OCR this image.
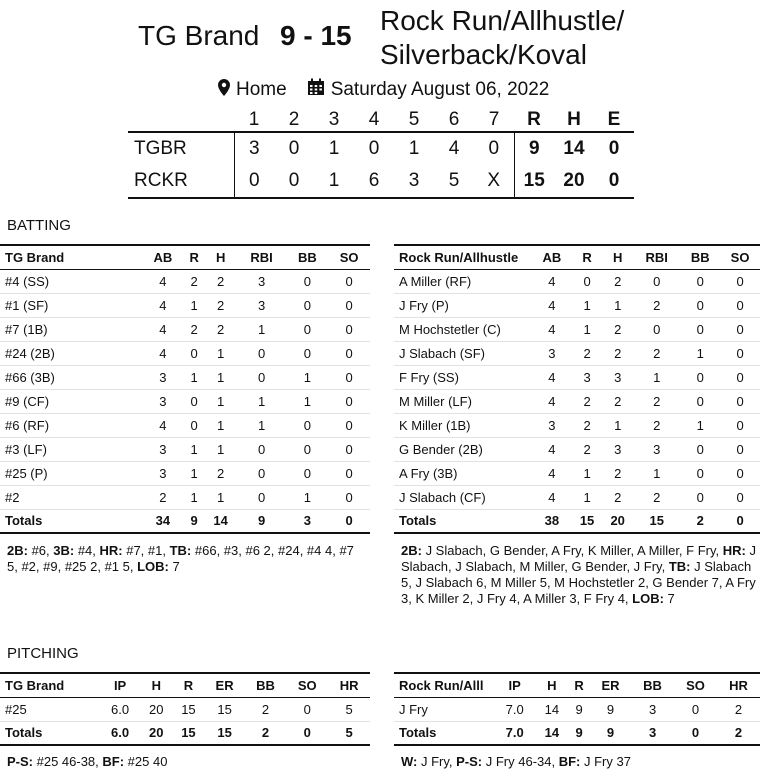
TG Brand 9 - 15 Rock Run/Allhustle/ Silverback/Koval
Home Saturday August 06, 2022
	1	2	3	4	5	6	7	R	H	E
TGBR	3	0	1	0	1	4	0	9	14	0
RCKR	0	0	1	6	3	5	X	15	20	0
BATTING
TG Brand	AB	R	H	RBI	BB	SO
#4 (SS)	4	2	2	3	0	0
#1 (SF)	4	1	2	3	0	0
#7 (1B)	4	2	2	1	0	0
#24 (2B)	4	0	1	0	0	0
#66 (3B)	3	1	1	0	1	0
#9 (CF)	3	0	1	1	1	0
#6 (RF)	4	0	1	1	0	0
#3 (LF)	3	1	1	0	0	0
#25 (P)	3	1	2	0	0	0
#2	2	1	1	0	1	0
Totals	34	9	14	9	3	0
Rock Run/Allhustle	AB	R	H	RBI	BB	SO
A Miller (RF)	4	0	2	0	0	0
J Fry (P)	4	1	1	2	0	0
M Hochstetler (C)	4	1	2	0	0	0
J Slabach (SF)	3	2	2	2	1	0
F Fry (SS)	4	3	3	1	0	0
M Miller (LF)	4	2	2	2	0	0
K Miller (1B)	3	2	1	2	1	0
G Bender (2B)	4	2	3	3	0	0
A Fry (3B)	4	1	2	1	0	0
J Slabach (CF)	4	1	2	2	0	0
Totals	38	15	20	15	2	0
2B: #6, 3B: #4, HR: #7, #1, TB: #66, #3, #6 2, #24, #4 4, #7 5, #2, #9, #25 2, #1 5, LOB: 7
2B: J Slabach, G Bender, A Fry, K Miller, A Miller, F Fry, HR: J Slabach, J Slabach, M Miller, G Bender, J Fry, TB: J Slabach 5, J Slabach 6, M Miller 5, M Hochstetler 2, G Bender 7, A Fry 3, K Miller 2, J Fry 4, A Miller 3, F Fry 4, LOB: 7
PITCHING
TG Brand	IP	H	R	ER	BB	SO	HR
#25	6.0	20	15	15	2	0	5
Totals	6.0	20	15	15	2	0	5
Rock Run/Alll	IP	H	R	ER	BB	SO	HR
J Fry	7.0	14	9	9	3	0	2
Totals	7.0	14	9	9	3	0	2
P-S: #25 46-38, BF: #25 40	W: J Fry, P-S: J Fry 46-34, BF: J Fry 37
